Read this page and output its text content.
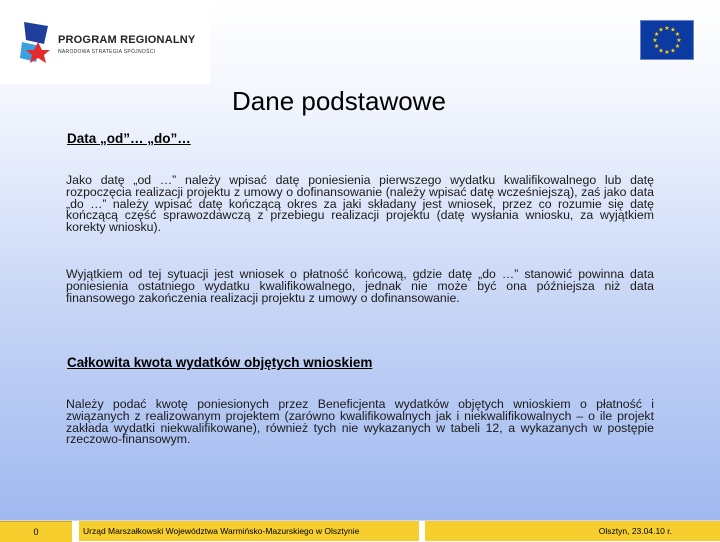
PROGRAM REGIONALNY
NARODOWA STRATEGIA SPÓJNOŚCI
★ ★
★
★
★
★
★
★
★
★
★
★
Dane podstawowe
Data „od”… „do”…
Jako datę „od …” należy wpisać datę poniesienia pierwszego wydatku kwalifikowalnego lub datę rozpoczęcia realizacji projektu z umowy o dofinansowanie (należy wpisać datę wcześniejszą), zaś jako data „do …” należy wpisać datę kończącą okres za jaki składany jest wniosek, przez co rozumie się datę kończącą część sprawozdawczą z przebiegu realizacji projektu (datę wysłania wniosku, za wyjątkiem korekty wniosku).
Wyjątkiem od tej sytuacji jest wniosek o płatność końcową, gdzie datę „do …” stanowić powinna data poniesienia ostatniego wydatku kwalifikowalnego, jednak nie może być ona późniejsza niż data finansowego zakończenia realizacji projektu z umowy o dofinansowanie.
Całkowita kwota wydatków objętych wnioskiem
Należy podać kwotę poniesionych przez Beneficjenta wydatków objętych wnioskiem o płatność i związanych z realizowanym projektem (zarówno kwalifikowalnych jak i niekwalifikowalnych – o ile projekt zakłada wydatki niekwalifikowane), również tych nie wykazanych w tabeli 12, a wykazanych w postępie rzeczowo-finansowym.
0	Urząd Marszałkowski Województwa Warmińsko-Mazurskiego w Olsztynie	Olsztyn, 23.04.10 r.
